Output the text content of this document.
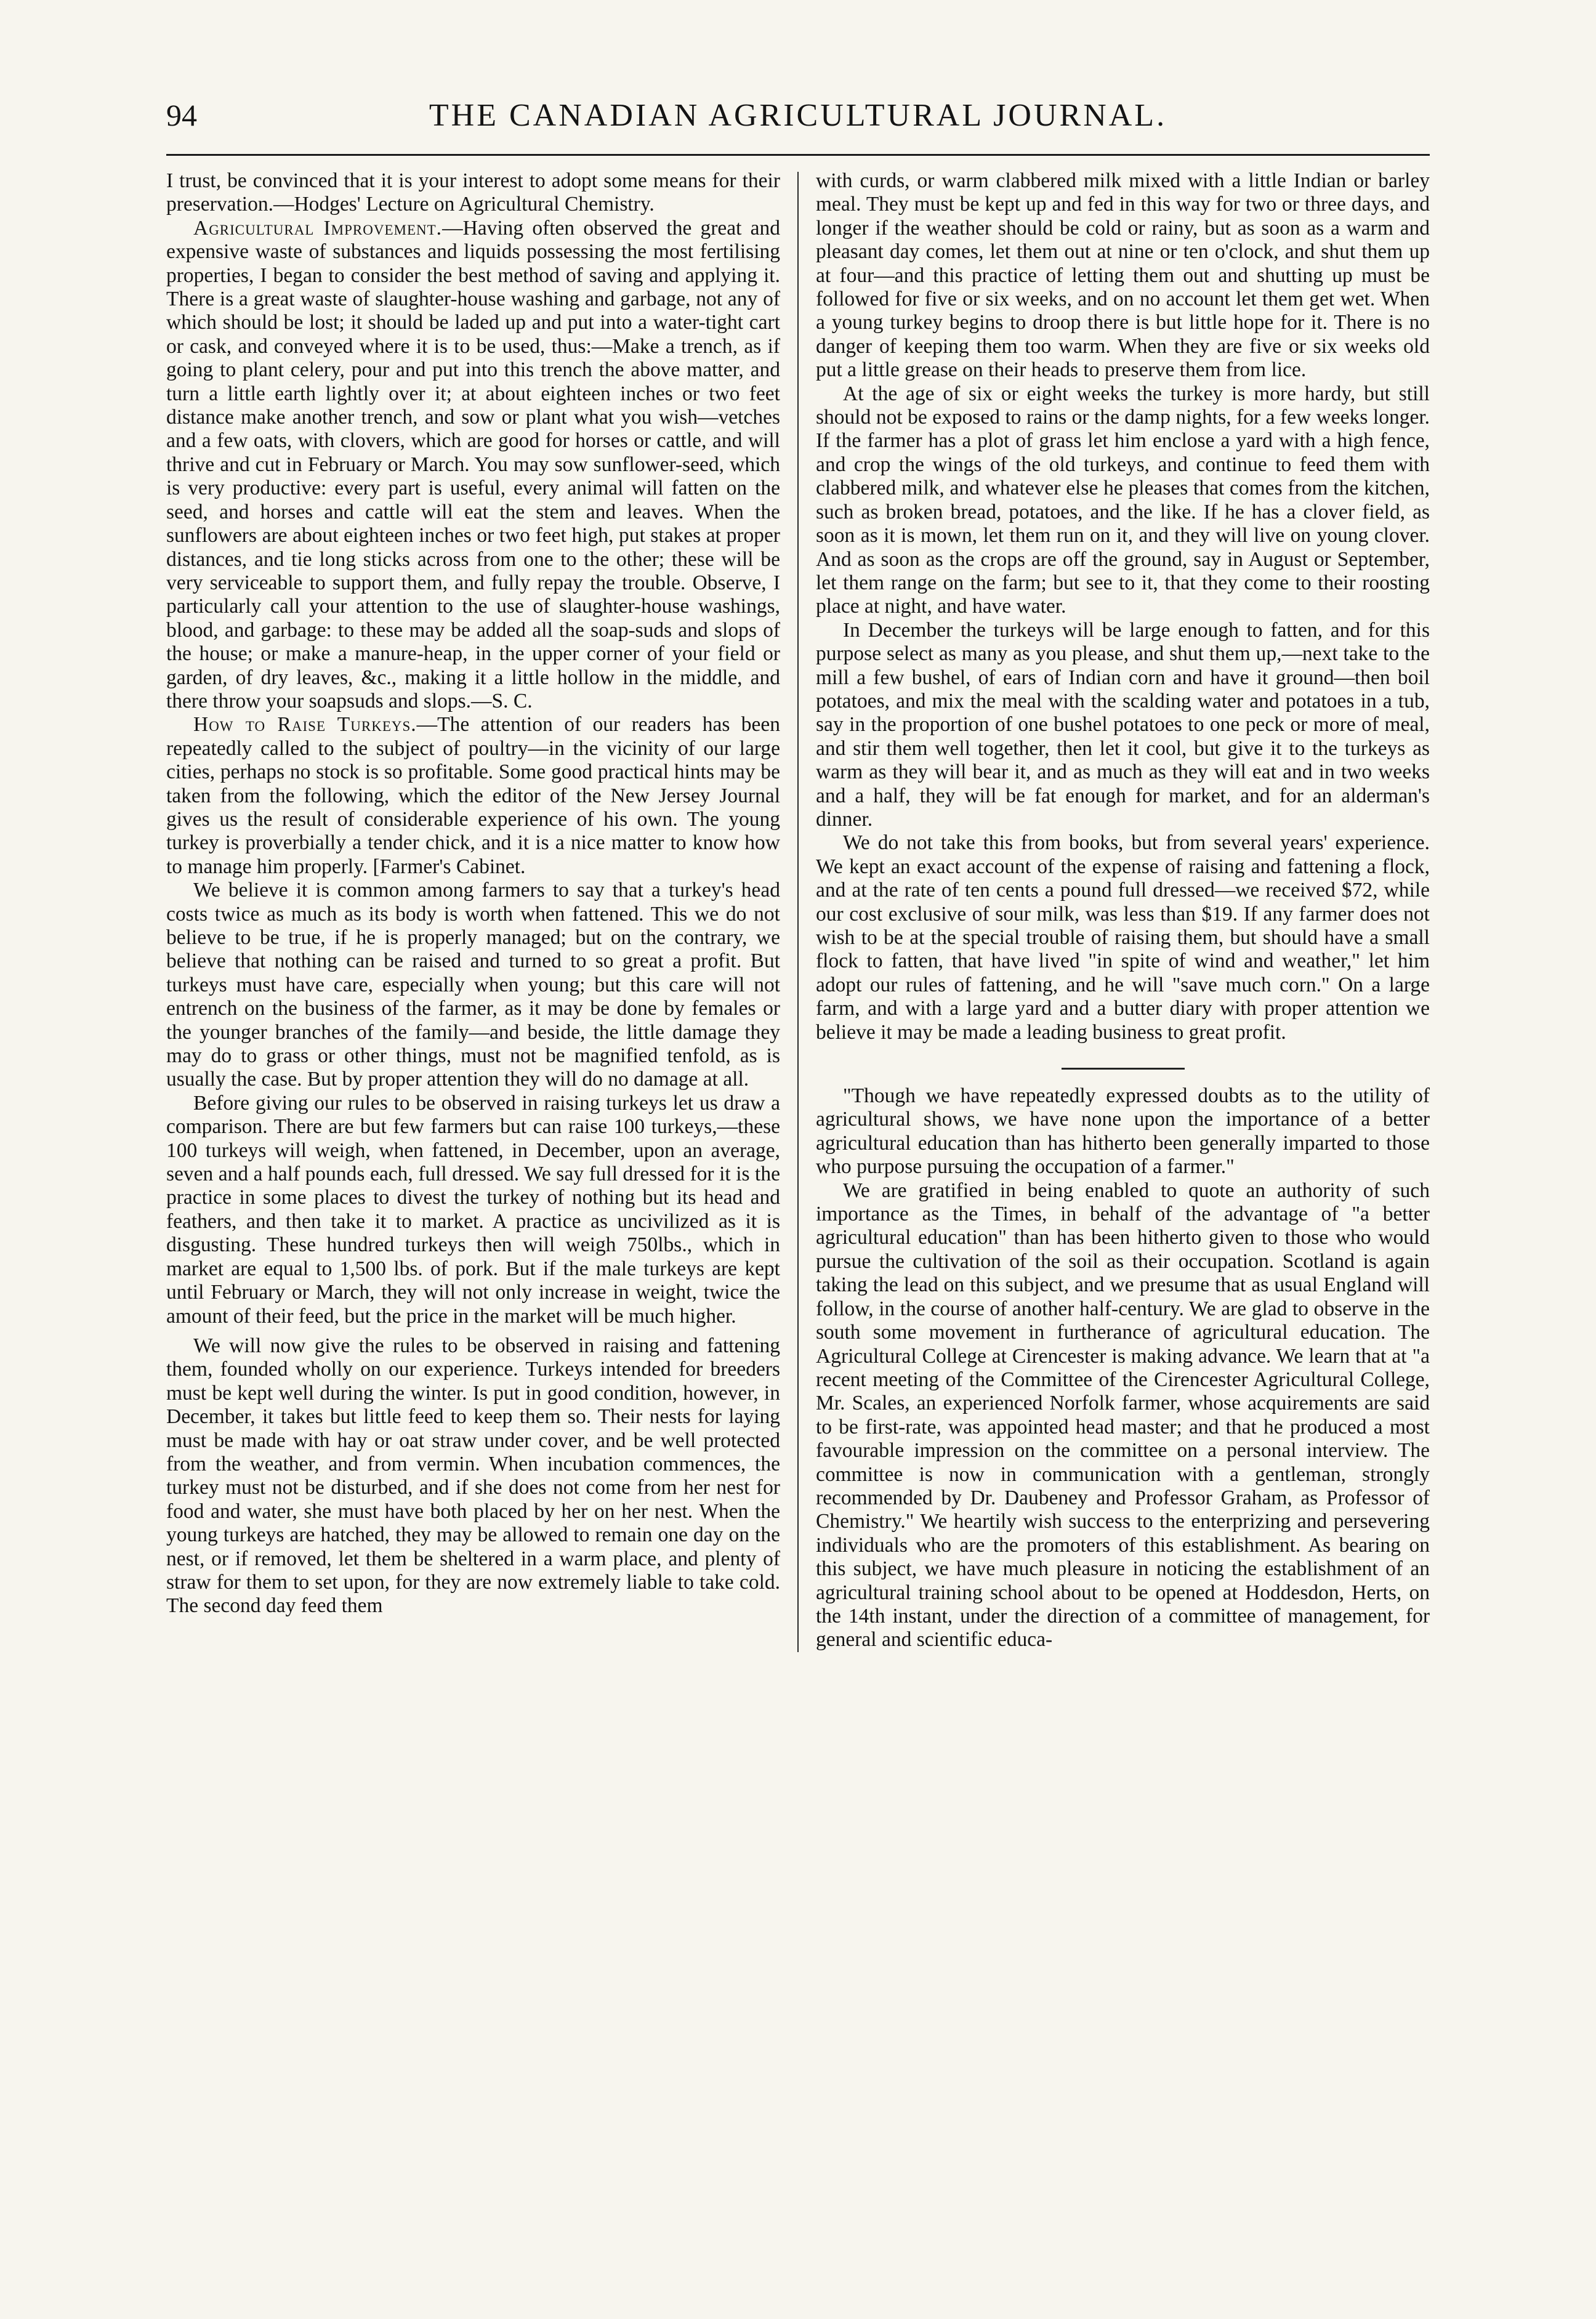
94	THE CANADIAN AGRICULTURAL JOURNAL.

I trust, be convinced that it is your interest to adopt some means for their preservation.—Hodges' Lecture on Agricultural Chemistry.

Agricultural Improvement.—Having often observed the great and expensive waste of substances and liquids possessing the most fertilising properties, I began to consider the best method of saving and applying it. There is a great waste of slaughter-house washing and garbage, not any of which should be lost; it should be laded up and put into a water-tight cart or cask, and conveyed where it is to be used, thus:—Make a trench, as if going to plant celery, pour and put into this trench the above matter, and turn a little earth lightly over it; at about eighteen inches or two feet distance make another trench, and sow or plant what you wish—vetches and a few oats, with clovers, which are good for horses or cattle, and will thrive and cut in February or March. You may sow sunflower-seed, which is very productive: every part is useful, every animal will fatten on the seed, and horses and cattle will eat the stem and leaves. When the sunflowers are about eighteen inches or two feet high, put stakes at proper distances, and tie long sticks across from one to the other; these will be very serviceable to support them, and fully repay the trouble. Observe, I particularly call your attention to the use of slaughter-house washings, blood, and garbage: to these may be added all the soap-suds and slops of the house; or make a manure-heap, in the upper corner of your field or garden, of dry leaves, &c., making it a little hollow in the middle, and there throw your soapsuds and slops.—S. C.

How to Raise Turkeys.—The attention of our readers has been repeatedly called to the subject of poultry—in the vicinity of our large cities, perhaps no stock is so profitable. Some good practical hints may be taken from the following, which the editor of the New Jersey Journal gives us the result of considerable experience of his own. The young turkey is proverbially a tender chick, and it is a nice matter to know how to manage him properly. [Farmer's Cabinet.

We believe it is common among farmers to say that a turkey's head costs twice as much as its body is worth when fattened. This we do not believe to be true, if he is properly managed; but on the contrary, we believe that nothing can be raised and turned to so great a profit. But turkeys must have care, especially when young; but this care will not entrench on the business of the farmer, as it may be done by females or the younger branches of the family—and beside, the little damage they may do to grass or other things, must not be magnified tenfold, as is usually the case. But by proper attention they will do no damage at all.

Before giving our rules to be observed in raising turkeys let us draw a comparison. There are but few farmers but can raise 100 turkeys,—these 100 turkeys will weigh, when fattened, in December, upon an average, seven and a half pounds each, full dressed. We say full dressed for it is the practice in some places to divest the turkey of nothing but its head and feathers, and then take it to market. A practice as uncivilized as it is disgusting. These hundred turkeys then will weigh 750lbs., which in market are equal to 1,500 lbs. of pork. But if the male turkeys are kept until February or March, they will not only increase in weight, twice the amount of their feed, but the price in the market will be much higher.

We will now give the rules to be observed in raising and fattening them, founded wholly on our experience. Turkeys intended for breeders must be kept well during the winter. Is put in good condition, however, in December, it takes but little feed to keep them so. Their nests for laying must be made with hay or oat straw under cover, and be well protected from the weather, and from vermin. When incubation commences, the turkey must not be disturbed, and if she does not come from her nest for food and water, she must have both placed by her on her nest. When the young turkeys are hatched, they may be allowed to remain one day on the nest, or if removed, let them be sheltered in a warm place, and plenty of straw for them to set upon, for they are now extremely liable to take cold. The second day feed them

with curds, or warm clabbered milk mixed with a little Indian or barley meal. They must be kept up and fed in this way for two or three days, and longer if the weather should be cold or rainy, but as soon as a warm and pleasant day comes, let them out at nine or ten o'clock, and shut them up at four—and this practice of letting them out and shutting up must be followed for five or six weeks, and on no account let them get wet. When a young turkey begins to droop there is but little hope for it. There is no danger of keeping them too warm. When they are five or six weeks old put a little grease on their heads to preserve them from lice.

At the age of six or eight weeks the turkey is more hardy, but still should not be exposed to rains or the damp nights, for a few weeks longer. If the farmer has a plot of grass let him enclose a yard with a high fence, and crop the wings of the old turkeys, and continue to feed them with clabbered milk, and whatever else he pleases that comes from the kitchen, such as broken bread, potatoes, and the like. If he has a clover field, as soon as it is mown, let them run on it, and they will live on young clover. And as soon as the crops are off the ground, say in August or September, let them range on the farm; but see to it, that they come to their roosting place at night, and have water.

In December the turkeys will be large enough to fatten, and for this purpose select as many as you please, and shut them up,—next take to the mill a few bushel, of ears of Indian corn and have it ground—then boil potatoes, and mix the meal with the scalding water and potatoes in a tub, say in the proportion of one bushel potatoes to one peck or more of meal, and stir them well together, then let it cool, but give it to the turkeys as warm as they will bear it, and as much as they will eat and in two weeks and a half, they will be fat enough for market, and for an alderman's dinner.

We do not take this from books, but from several years' experience. We kept an exact account of the expense of raising and fattening a flock, and at the rate of ten cents a pound full dressed—we received $72, while our cost exclusive of sour milk, was less than $19. If any farmer does not wish to be at the special trouble of raising them, but should have a small flock to fatten, that have lived "in spite of wind and weather," let him adopt our rules of fattening, and he will "save much corn." On a large farm, and with a large yard and a butter diary with proper attention we believe it may be made a leading business to great profit.

"Though we have repeatedly expressed doubts as to the utility of agricultural shows, we have none upon the importance of a better agricultural education than has hitherto been generally imparted to those who purpose pursuing the occupation of a farmer."

We are gratified in being enabled to quote an authority of such importance as the Times, in behalf of the advantage of "a better agricultural education" than has been hitherto given to those who would pursue the cultivation of the soil as their occupation. Scotland is again taking the lead on this subject, and we presume that as usual England will follow, in the course of another half-century. We are glad to observe in the south some movement in furtherance of agricultural education. The Agricultural College at Cirencester is making advance. We learn that at "a recent meeting of the Committee of the Cirencester Agricultural College, Mr. Scales, an experienced Norfolk farmer, whose acquirements are said to be first-rate, was appointed head master; and that he produced a most favourable impression on the committee on a personal interview. The committee is now in communication with a gentleman, strongly recommended by Dr. Daubeney and Professor Graham, as Professor of Chemistry." We heartily wish success to the enterprizing and persevering individuals who are the promoters of this establishment. As bearing on this subject, we have much pleasure in noticing the establishment of an agricultural training school about to be opened at Hoddesdon, Herts, on the 14th instant, under the direction of a committee of management, for general and scientific educa-
